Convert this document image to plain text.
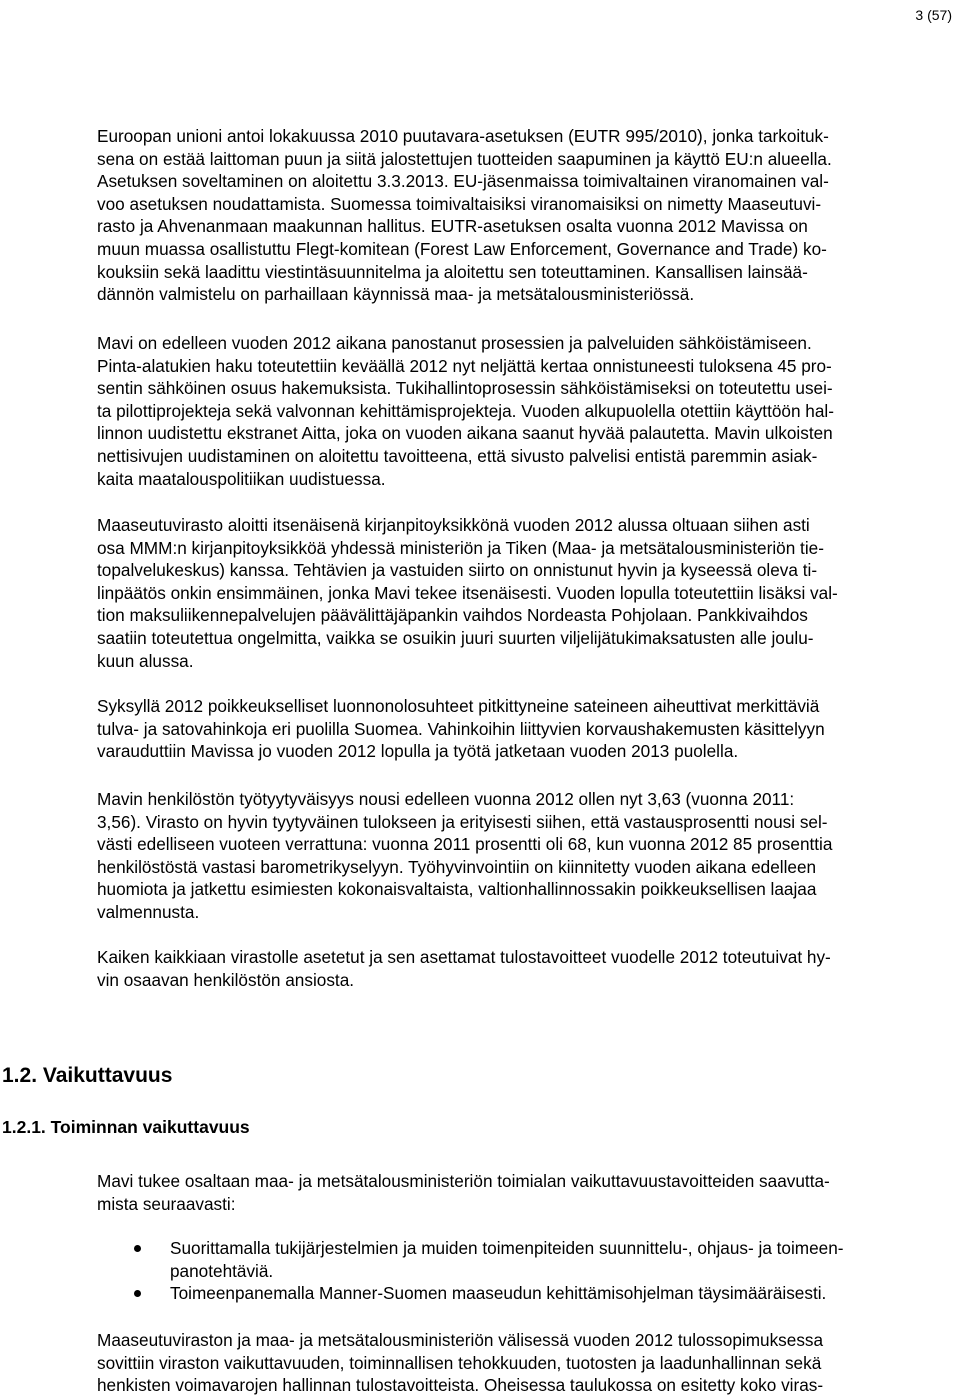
3 (57)
Euroopan unioni antoi lokakuussa 2010 puutavara-asetuksen (EUTR 995/2010), jonka tarkoituk-
sena on estää laittoman puun ja siitä jalostettujen tuotteiden saapuminen ja käyttö EU:n alueella.
Asetuksen soveltaminen on aloitettu 3.3.2013. EU-jäsenmaissa toimivaltainen viranomainen val-
voo asetuksen noudattamista. Suomessa toimivaltaisiksi viranomaisiksi on nimetty Maaseutuvi-
rasto ja Ahvenanmaan maakunnan hallitus. EUTR-asetuksen osalta vuonna 2012 Mavissa on
muun muassa osallistuttu Flegt-komitean (Forest Law Enforcement, Governance and Trade) ko-
kouksiin sekä laadittu viestintäsuunnitelma ja aloitettu sen toteuttaminen. Kansallisen lainsää-
dännön valmistelu on parhaillaan käynnissä maa- ja metsätalousministeriössä.
Mavi on edelleen vuoden 2012 aikana panostanut prosessien ja palveluiden sähköistämiseen.
Pinta-alatukien haku toteutettiin keväällä 2012 nyt neljättä kertaa onnistuneesti tuloksena 45 pro-
sentin sähköinen osuus hakemuksista. Tukihallintoprosessin sähköistämiseksi on toteutettu usei-
ta pilottiprojekteja sekä valvonnan kehittämisprojekteja. Vuoden alkupuolella otettiin käyttöön hal-
linnon uudistettu ekstranet Aitta, joka on vuoden aikana saanut hyvää palautetta. Mavin ulkoisten
nettisivujen uudistaminen on aloitettu tavoitteena, että sivusto palvelisi entistä paremmin asiak-
kaita maatalouspolitiikan uudistuessa.
Maaseutuvirasto aloitti itsenäisenä kirjanpitoyksikkönä vuoden 2012 alussa oltuaan siihen asti
osa MMM:n kirjanpitoyksikköä yhdessä ministeriön ja Tiken (Maa- ja metsätalousministeriön tie-
topalvelukeskus) kanssa. Tehtävien ja vastuiden siirto on onnistunut hyvin ja kyseessä oleva ti-
linpäätös onkin ensimmäinen, jonka Mavi tekee itsenäisesti. Vuoden lopulla toteutettiin lisäksi val-
tion maksuliikennepalvelujen päävälittäjäpankin vaihdos Nordeasta Pohjolaan. Pankkivaihdos
saatiin toteutettua ongelmitta, vaikka se osuikin juuri suurten viljelijätukimaksatusten alle joulu-
kuun alussa.
Syksyllä 2012 poikkeukselliset luonnonolosuhteet pitkittyneine sateineen aiheuttivat merkittäviä
tulva- ja satovahinkoja eri puolilla Suomea. Vahinkoihin liittyvien korvaushakemusten käsittelyyn
varauduttiin Mavissa jo vuoden 2012 lopulla ja työtä jatketaan vuoden 2013 puolella.
Mavin henkilöstön työtyytyväisyys nousi edelleen vuonna 2012 ollen nyt 3,63 (vuonna 2011:
3,56). Virasto on hyvin tyytyväinen tulokseen ja erityisesti siihen, että vastausprosentti nousi sel-
västi edelliseen vuoteen verrattuna: vuonna 2011 prosentti oli 68, kun vuonna 2012 85 prosenttia
henkilöstöstä vastasi barometrikyselyyn. Työhyvinvointiin on kiinnitetty vuoden aikana edelleen
huomiota ja jatkettu esimiesten kokonaisvaltaista, valtionhallinnossakin poikkeuksellisen laajaa
valmennusta.
Kaiken kaikkiaan virastolle asetetut ja sen asettamat tulostavoitteet vuodelle 2012 toteutuivat hy-
vin osaavan henkilöstön ansiosta.
1.2. Vaikuttavuus
1.2.1. Toiminnan vaikuttavuus
Mavi tukee osaltaan maa- ja metsätalousministeriön toimialan vaikuttavuustavoitteiden saavutta-
mista seuraavasti:
Suorittamalla tukijärjestelmien ja muiden toimenpiteiden suunnittelu-, ohjaus- ja toimeen-
panotehtäviä.
Toimeenpanemalla Manner-Suomen maaseudun kehittämisohjelman täysimääräisesti.
Maaseutuviraston ja maa- ja metsätalousministeriön välisessä vuoden 2012 tulossopimuksessa
sovittiin viraston vaikuttavuuden, toiminnallisen tehokkuuden, tuotosten ja laadunhallinnan sekä
henkisten voimavarojen hallinnan tulostavoitteista. Oheisessa taulukossa on esitetty koko viras-
